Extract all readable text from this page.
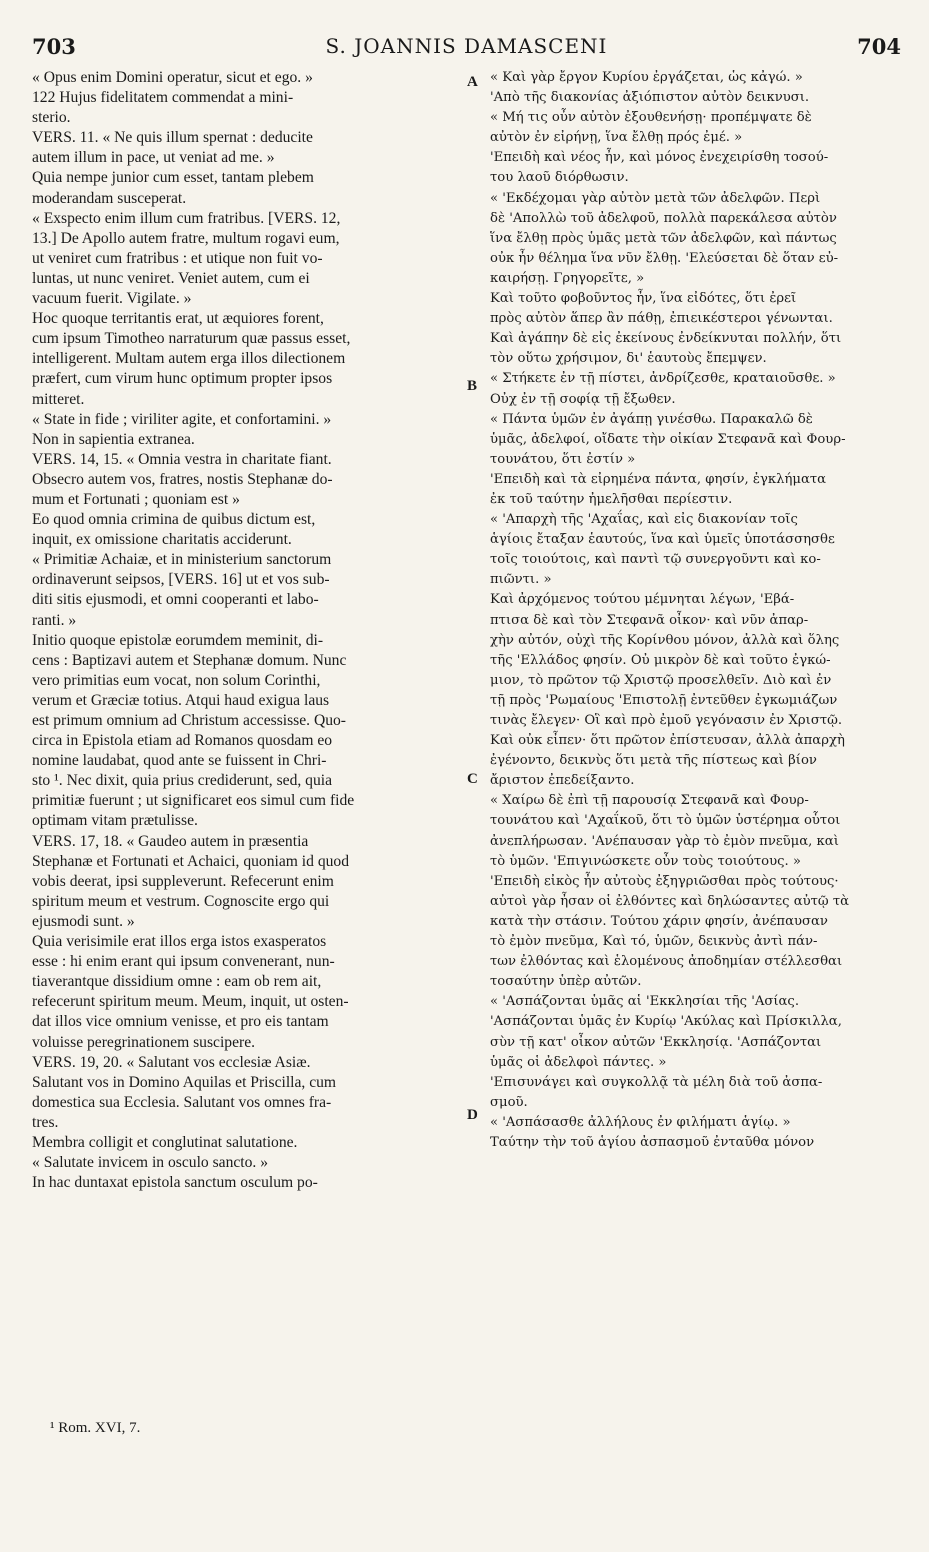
703	S. JOANNIS DAMASCENI	704

« Opus enim Domini operatur, sicut et ego. »
122 Hujus fidelitatem commendat a mini-
sterio.

VERS. 11. « Ne quis illum spernat : deducite
autem illum in pace, ut veniat ad me. »

Quia nempe junior cum esset, tantam plebem
moderandam susceperat.

« Exspecto enim illum cum fratribus. [VERS. 12,
13.] De Apollo autem fratre, multum rogavi eum,
ut veniret cum fratribus : et utique non fuit vo-
luntas, ut nunc veniret. Veniet autem, cum ei
vacuum fuerit. Vigilate. »

Hoc quoque territantis erat, ut æquiores forent,
cum ipsum Timotheo narraturum quæ passus esset,
intelligerent. Multam autem erga illos dilectionem
præfert, cum virum hunc optimum propter ipsos
mitteret.

« State in fide ; viriliter agite, et confortamini. »
Non in sapientia extranea.

VERS. 14, 15. « Omnia vestra in charitate fiant.
Obsecro autem vos, fratres, nostis Stephanæ do-
mum et Fortunati ; quoniam est »

Eo quod omnia crimina de quibus dictum est,
inquit, ex omissione charitatis acciderunt.

« Primitiæ Achaiæ, et in ministerium sanctorum
ordinaverunt seipsos, [VERS. 16] ut et vos sub-
diti sitis ejusmodi, et omni cooperanti et labo-
ranti. »

Initio quoque epistolæ eorumdem meminit, di-
cens : Baptizavi autem et Stephanæ domum. Nunc
vero primitias eum vocat, non solum Corinthi,
verum et Græciæ totius. Atqui haud exigua laus
est primum omnium ad Christum accessisse. Quo-
circa in Epistola etiam ad Romanos quosdam eo
nomine laudabat, quod ante se fuissent in Chri-
sto ¹. Nec dixit, quia prius crediderunt, sed, quia
primitiæ fuerunt ; ut significaret eos simul cum fide
optimam vitam prætulisse.

VERS. 17, 18. « Gaudeo autem in præsentia
Stephanæ et Fortunati et Achaici, quoniam id quod
vobis deerat, ipsi suppleverunt. Refecerunt enim
spiritum meum et vestrum. Cognoscite ergo qui
ejusmodi sunt. »

Quia verisimile erat illos erga istos exasperatos
esse : hi enim erant qui ipsum convenerant, nun-
tiaverantque dissidium omne : eam ob rem ait,
refecerunt spiritum meum. Meum, inquit, ut osten-
dat illos vice omnium venisse, et pro eis tantam
voluisse peregrinationem suscipere.

VERS. 19, 20. « Salutant vos ecclesiæ Asiæ.
Salutant vos in Domino Aquilas et Priscilla, cum
domestica sua Ecclesia. Salutant vos omnes fra-
tres.

Membra colligit et conglutinat salutatione.

« Salutate invicem in osculo sancto. »

In hac duntaxat epistola sanctum osculum po-

« Καὶ γὰρ ἔργον Κυρίου ἐργάζεται, ὡς κἀγώ. »
'Απὸ τῆς διακονίας ἀξιόπιστον αὐτὸν δεικνυσι.

« Μή τις οὖν αὐτὸν ἐξουθενήσῃ· προπέμψατε δὲ
αὐτὸν ἐν εἰρήνῃ, ἵνα ἔλθῃ πρός ἐμέ. »

'Επειδὴ καὶ νέος ἦν, καὶ μόνος ἐνεχειρίσθη τοσού-
του λαοῦ διόρθωσιν.

« 'Εκδέχομαι γὰρ αὐτὸν μετὰ τῶν ἀδελφῶν. Περὶ
δὲ 'Απολλὼ τοῦ ἀδελφοῦ, πολλὰ παρεκάλεσα αὐτὸν
ἵνα ἔλθῃ πρὸς ὑμᾶς μετὰ τῶν ἀδελφῶν, καὶ πάντως
οὐκ ἦν θέλημα ἵνα νῦν ἔλθῃ. 'Ελεύσεται δὲ ὅταν εὐ-
καιρήσῃ. Γρηγορεῖτε, »

Καὶ τοῦτο φοβοῦντος ἦν, ἵνα εἰδότες, ὅτι ἐρεῖ
πρὸς αὐτὸν ἅπερ ἂν πάθῃ, ἐπιεικέστεροι γένωνται.
Καὶ ἀγάπην δὲ εἰς ἐκείνους ἐνδείκνυται πολλήν, ὅτι
τὸν οὕτω χρήσιμον, δι' ἑαυτοὺς ἔπεμψεν.

« Στήκετε ἐν τῇ πίστει, ἀνδρίζεσθε, κραταιοῦσθε. »
Οὐχ ἐν τῇ σοφίᾳ τῇ ἔξωθεν.

« Πάντα ὑμῶν ἐν ἀγάπῃ γινέσθω. Παρακαλῶ δὲ
ὑμᾶς, ἀδελφοί, οἴδατε τὴν οἰκίαν Στεφανᾶ καὶ Φουρ-
τουνάτου, ὅτι ἐστίν »

'Επειδὴ καὶ τὰ εἰρημένα πάντα, φησίν, ἐγκλήματα
ἐκ τοῦ ταύτην ἠμελῆσθαι περίεστιν.

« 'Απαρχὴ τῆς 'Αχαΐας, καὶ εἰς διακονίαν τοῖς
ἁγίοις ἔταξαν ἑαυτούς, ἵνα καὶ ὑμεῖς ὑποτάσσησθε
τοῖς τοιούτοις, καὶ παντὶ τῷ συνεργοῦντι καὶ κο-
πιῶντι. »

Καὶ ἀρχόμενος τούτου μέμνηται λέγων, 'Εβά-
πτισα δὲ καὶ τὸν Στεφανᾶ οἶκον· καὶ νῦν ἀπαρ-
χὴν αὐτόν, οὐχὶ τῆς Κορίνθου μόνον, ἀλλὰ καὶ ὅλης
τῆς 'Ελλάδος φησίν. Οὐ μικρὸν δὲ καὶ τοῦτο ἐγκώ-
μιον, τὸ πρῶτον τῷ Χριστῷ προσελθεῖν. Διὸ καὶ ἐν
τῇ πρὸς 'Ρωμαίους 'Επιστολῇ ἐντεῦθεν ἐγκωμιάζων
τινὰς ἔλεγεν· Οἳ καὶ πρὸ ἐμοῦ γεγόνασιν ἐν Χριστῷ.
Καὶ οὐκ εἶπεν· ὅτι πρῶτον ἐπίστευσαν, ἀλλὰ ἀπαρχὴ
ἐγένοντο, δεικνὺς ὅτι μετὰ τῆς πίστεως καὶ βίον
ἄριστον ἐπεδείξαντο.

« Χαίρω δὲ ἐπὶ τῇ παρουσίᾳ Στεφανᾶ καὶ Φουρ-
τουνάτου καὶ 'Αχαΐκοῦ, ὅτι τὸ ὑμῶν ὑστέρημα οὗτοι
ἀνεπλήρωσαν. 'Ανέπαυσαν γὰρ τὸ ἐμὸν πνεῦμα, καὶ
τὸ ὑμῶν. 'Επιγινώσκετε οὖν τοὺς τοιούτους. »

'Επειδὴ εἰκὸς ἦν αὐτοὺς ἐξηγριῶσθαι πρὸς τούτους·
αὐτοὶ γὰρ ἦσαν οἱ ἐλθόντες καὶ δηλώσαντες αὐτῷ τὰ
κατὰ τὴν στάσιν. Τούτου χάριν φησίν, ἀνέπαυσαν
τὸ ἐμὸν πνεῦμα, Καὶ τό, ὑμῶν, δεικνὺς ἀντὶ πάν-
των ἐλθόντας καὶ ἑλομένους ἀποδημίαν στέλλεσθαι
τοσαύτην ὑπὲρ αὐτῶν.

« 'Ασπάζονται ὑμᾶς αἱ 'Εκκλησίαι τῆς 'Ασίας.
'Ασπάζονται ὑμᾶς ἐν Κυρίῳ 'Ακύλας καὶ Πρίσκιλλα,
σὺν τῇ κατ' οἶκον αὐτῶν 'Εκκλησίᾳ. 'Ασπάζονται
ὑμᾶς οἱ ἀδελφοὶ πάντες. »

'Επισυνάγει καὶ συγκολλᾷ τὰ μέλη διὰ τοῦ ἀσπα-
σμοῦ.

« 'Ασπάσασθε ἀλλήλους ἐν φιλήματι ἁγίῳ. »

Ταύτην τὴν τοῦ ἁγίου ἀσπασμοῦ ἐνταῦθα μόνον

A
B
C
D
¹ Rom. XVI, 7.
